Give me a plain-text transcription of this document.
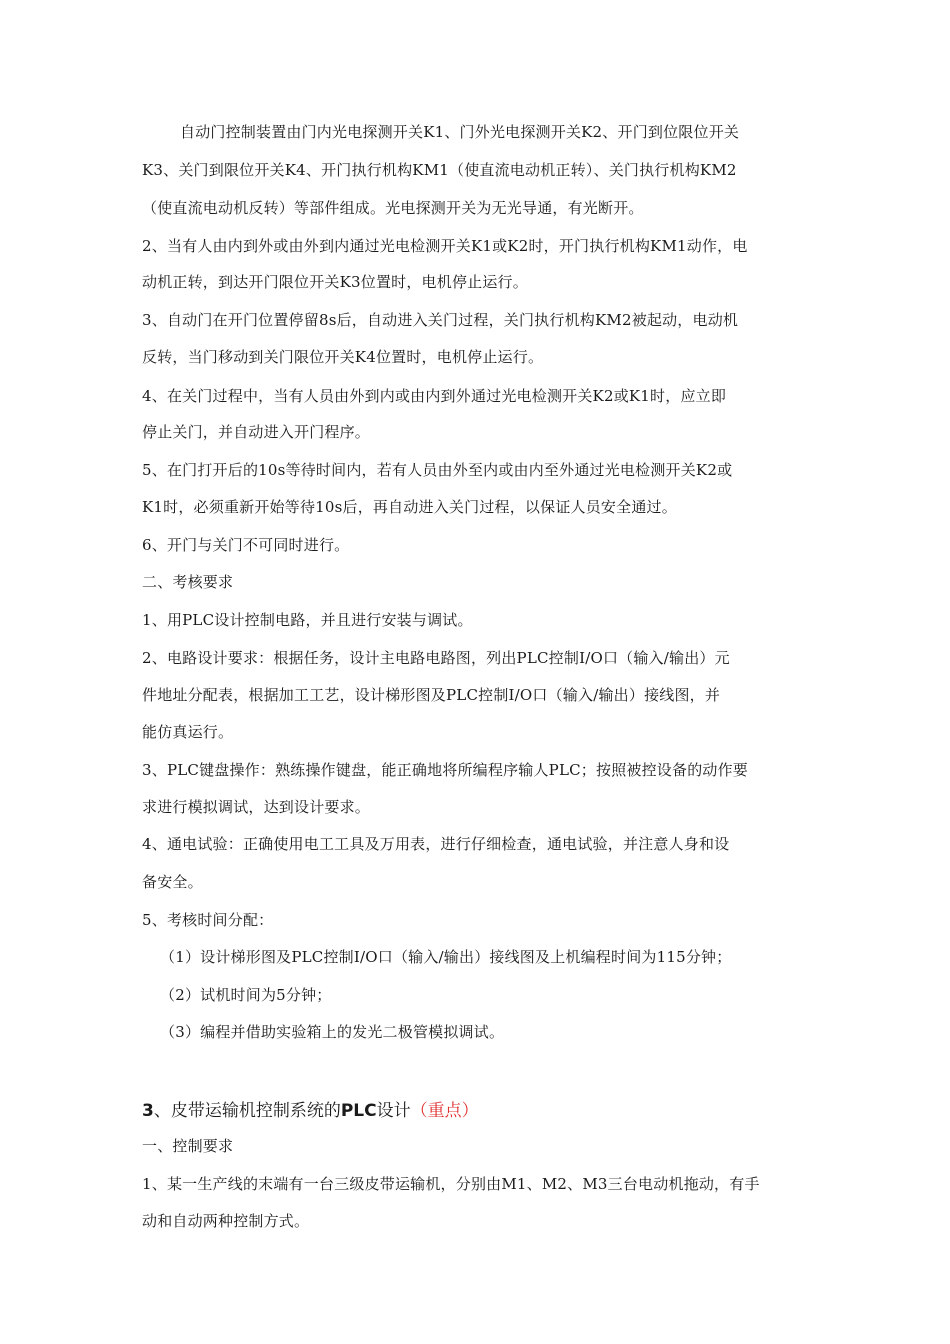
自动门控制装置由门内光电探测开关K1、门外光电探测开关K2、开门到位限位开关
K3、关门到限位开关K4、开门执行机构KM1（使直流电动机正转）、关门执行机构KM2
（使直流电动机反转）等部件组成。光电探测开关为无光导通，有光断开。
2、当有人由内到外或由外到内通过光电检测开关K1或K2时，开门执行机构KM1动作，电
动机正转，到达开门限位开关K3位置时，电机停止运行。
3、自动门在开门位置停留8s后，自动进入关门过程，关门执行机构KM2被起动，电动机
反转，当门移动到关门限位开关K4位置时，电机停止运行。
4、在关门过程中，当有人员由外到内或由内到外通过光电检测开关K2或K1时，应立即
停止关门，并自动进入开门程序。
5、在门打开后的10s等待时间内，若有人员由外至内或由内至外通过光电检测开关K2或
K1时，必须重新开始等待10s后，再自动进入关门过程，以保证人员安全通过。
6、开门与关门不可同时进行。
二、考核要求
1、用PLC设计控制电路，并且进行安装与调试。
2、电路设计要求：根据任务，设计主电路电路图，列出PLC控制I/O口（输入/输出）元
件地址分配表，根据加工工艺，设计梯形图及PLC控制I/O口（输入/输出）接线图，并
能仿真运行。
3、PLC键盘操作：熟练操作键盘，能正确地将所编程序输人PLC；按照被控设备的动作要
求进行模拟调试，达到设计要求。
4、通电试验：正确使用电工工具及万用表，进行仔细检查，通电试验，并注意人身和设
备安全。
5、考核时间分配：
（1）设计梯形图及PLC控制I/O口（输入/输出）接线图及上机编程时间为115分钟；
（2）试机时间为5分钟；
（3）编程并借助实验箱上的发光二极管模拟调试。
3、皮带运输机控制系统的PLC设计（重点）
一、控制要求
1、某一生产线的末端有一台三级皮带运输机，分别由M1、M2、M3三台电动机拖动，有手
动和自动两种控制方式。
